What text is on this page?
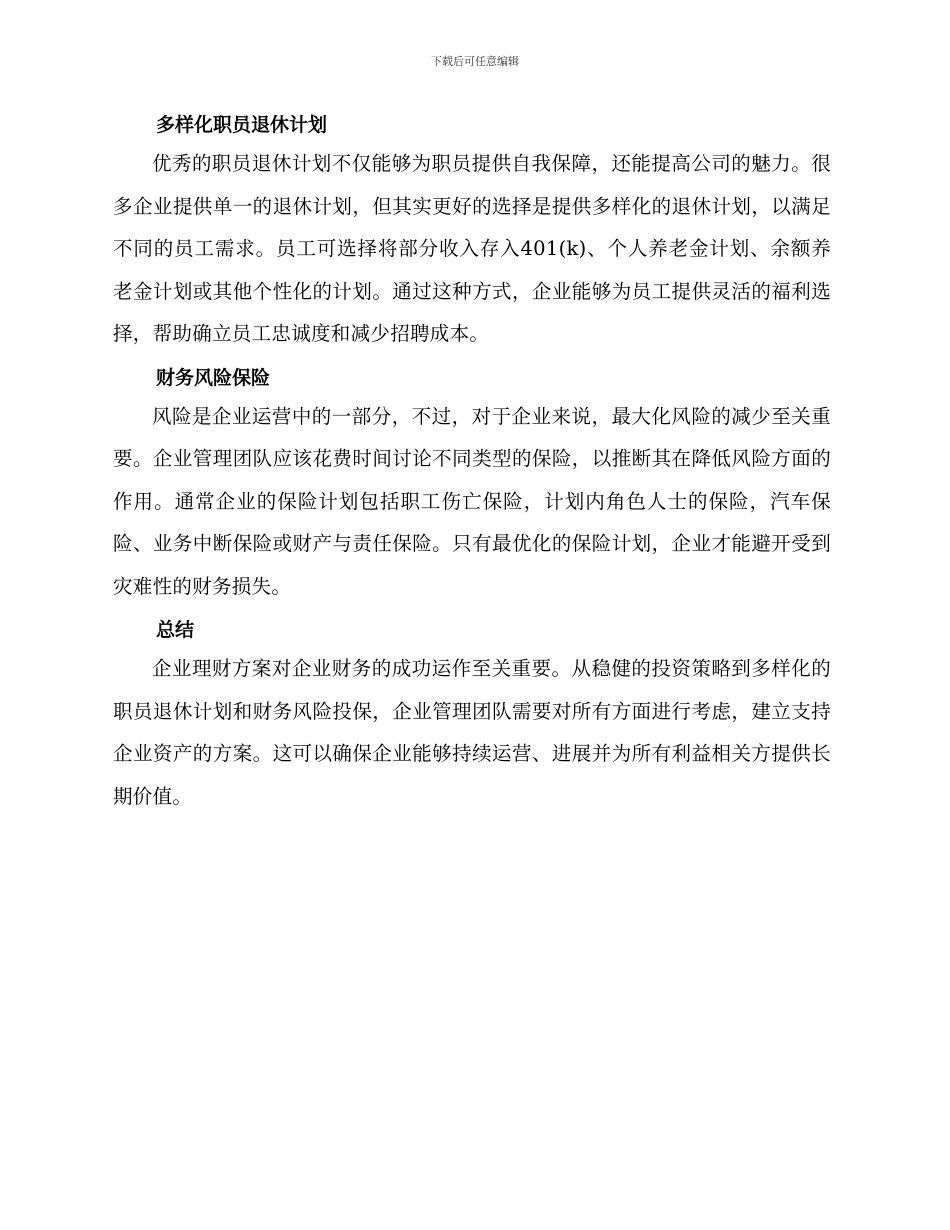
下载后可任意编辑
多样化职员退休计划

优秀的职员退休计划不仅能够为职员提供自我保障，还能提高公司的魅力。很多企业提供单一的退休计划，但其实更好的选择是提供多样化的退休计划，以满足不同的员工需求。员工可选择将部分收入存入401(k)、个人养老金计划、余额养老金计划或其他个性化的计划。通过这种方式，企业能够为员工提供灵活的福利选择，帮助确立员工忠诚度和减少招聘成本。

财务风险保险

风险是企业运营中的一部分，不过，对于企业来说，最大化风险的减少至关重要。企业管理团队应该花费时间讨论不同类型的保险，以推断其在降低风险方面的作用。通常企业的保险计划包括职工伤亡保险，计划内角色人士的保险，汽车保险、业务中断保险或财产与责任保险。只有最优化的保险计划，企业才能避开受到灾难性的财务损失。

总结

企业理财方案对企业财务的成功运作至关重要。从稳健的投资策略到多样化的职员退休计划和财务风险投保，企业管理团队需要对所有方面进行考虑，建立支持企业资产的方案。这可以确保企业能够持续运营、进展并为所有利益相关方提供长期价值。
